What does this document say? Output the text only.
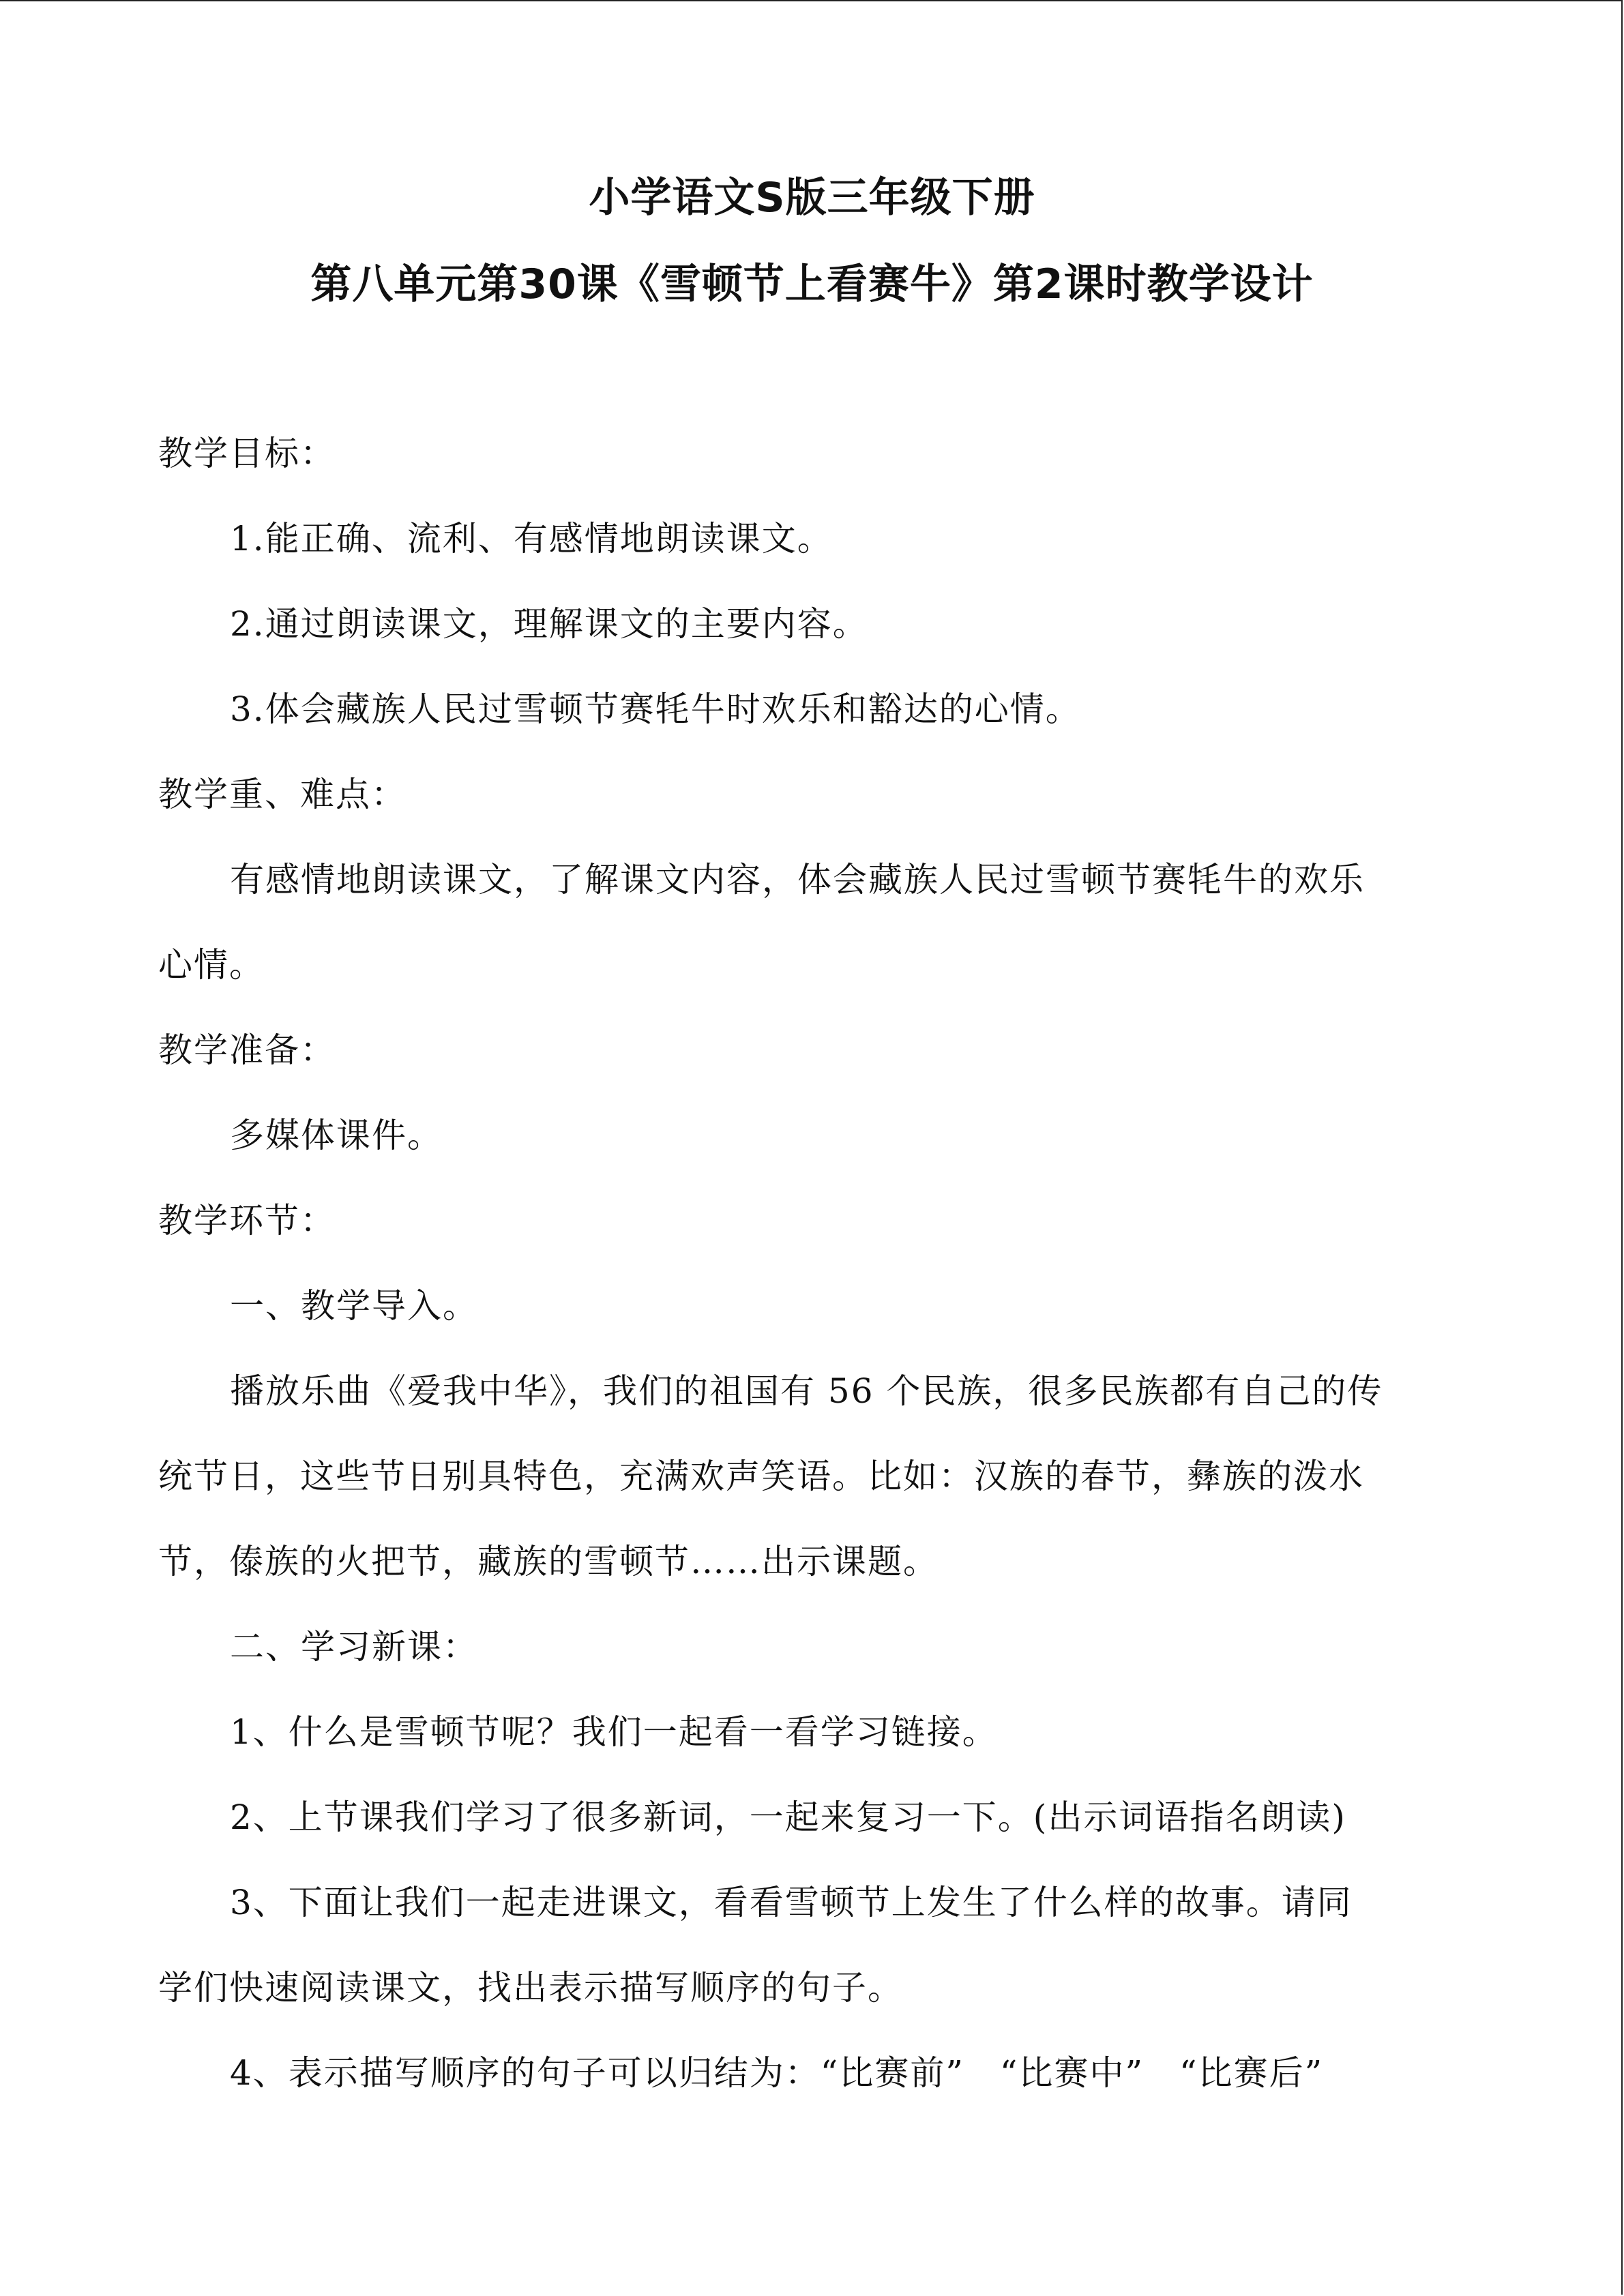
小学语文S版三年级下册
第八单元第30课《雪顿节上看赛牛》第2课时教学设计
教学目标：
1.能正确、流利、有感情地朗读课文。
2.通过朗读课文，理解课文的主要内容。
3.体会藏族人民过雪顿节赛牦牛时欢乐和豁达的心情。
教学重、难点：
有感情地朗读课文，了解课文内容，体会藏族人民过雪顿节赛牦牛的欢乐
心情。
教学准备：
多媒体课件。
教学环节：
一、教学导入。
播放乐曲《爱我中华》，我们的祖国有 56 个民族，很多民族都有自己的传
统节日，这些节日别具特色，充满欢声笑语。比如：汉族的春节，彝族的泼水
节，傣族的火把节，藏族的雪顿节……出示课题。
二、学习新课：
1、什么是雪顿节呢？我们一起看一看学习链接。
2、上节课我们学习了很多新词，一起来复习一下。(出示词语指名朗读)
3、下面让我们一起走进课文，看看雪顿节上发生了什么样的故事。请同
学们快速阅读课文，找出表示描写顺序的句子。
4、表示描写顺序的句子可以归结为：“比赛前”　“比赛中”　“比赛后”
